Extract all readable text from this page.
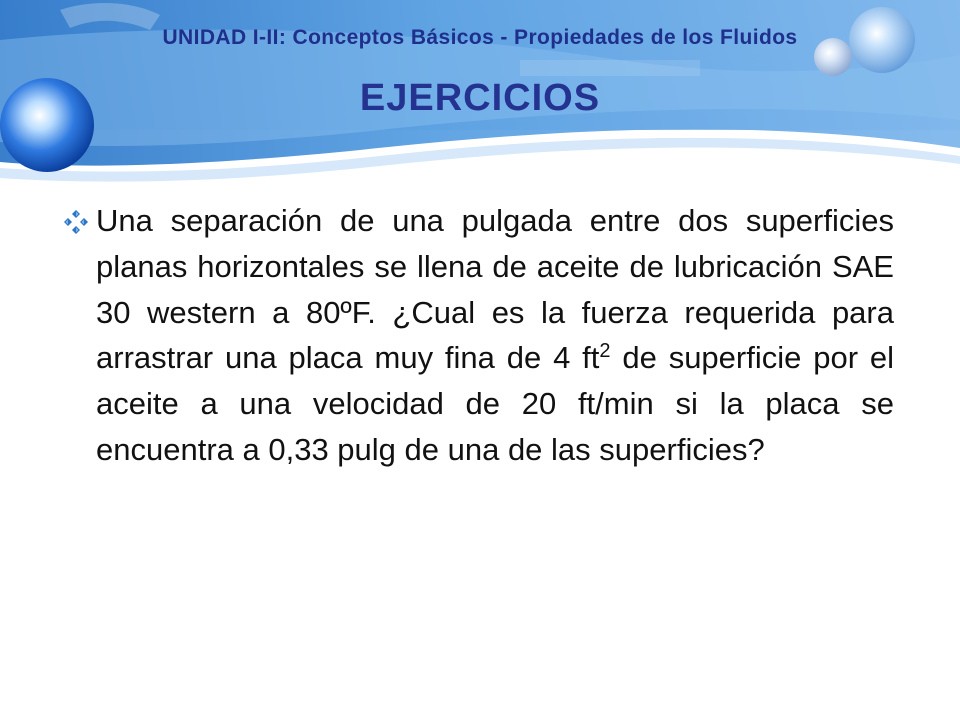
UNIDAD I-II: Conceptos Básicos - Propiedades de los Fluidos
EJERCICIOS
Una separación de una pulgada entre dos superficies planas horizontales se llena de aceite de lubricación SAE 30 western a 80ºF. ¿Cual es la fuerza requerida para arrastrar una placa muy fina de 4 $ft^2$ de superficie por el aceite a una velocidad de 20 ft/min si la placa se encuentra a 0,33 pulg de una de las superficies?
